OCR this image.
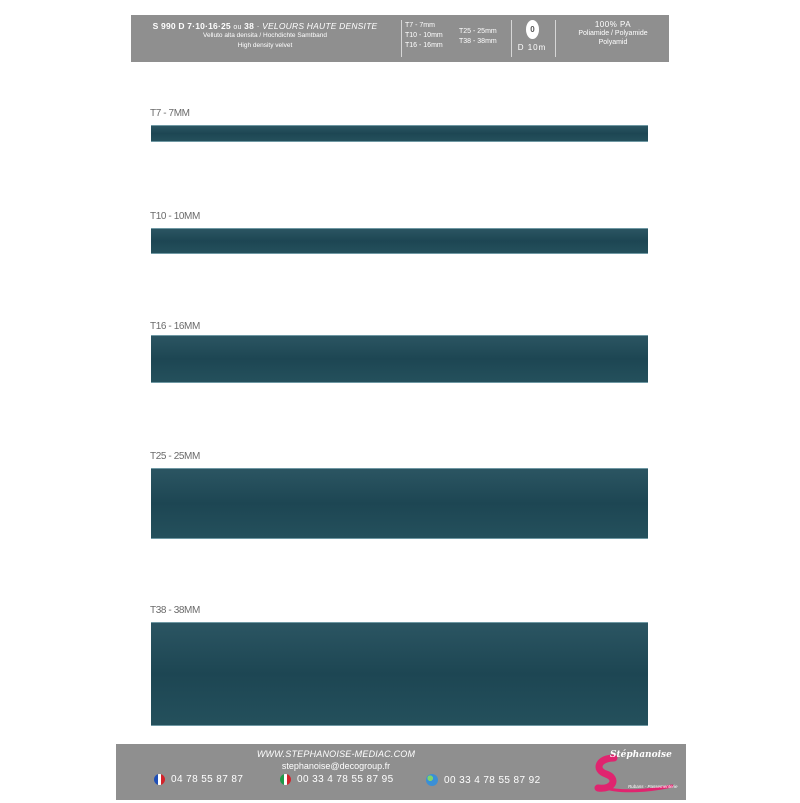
S 990 D 7·10·16·25 ou 38 · VELOURS HAUTE DENSITE
Velluto alta densita / Hochdichte Samtband
High density velvet
T7 - 7mm
T10 - 10mm
T16 - 16mm
T25 - 25mm
T38 - 38mm
0
D 10m
100% PA
Poliamide / Polyamide
Polyamid
T7 - 7MM
T10 - 10MM
T16 - 16MM
T25 - 25MM
T38 - 38MM
WWW.STEPHANOISE-MEDIAC.COM
stephanoise@decogroup.fr
04 78 55 87 87	00 33 4 78 55 87 95	00 33 4 78 55 87 92
Stéphanoise
Rubans · Passementerie
